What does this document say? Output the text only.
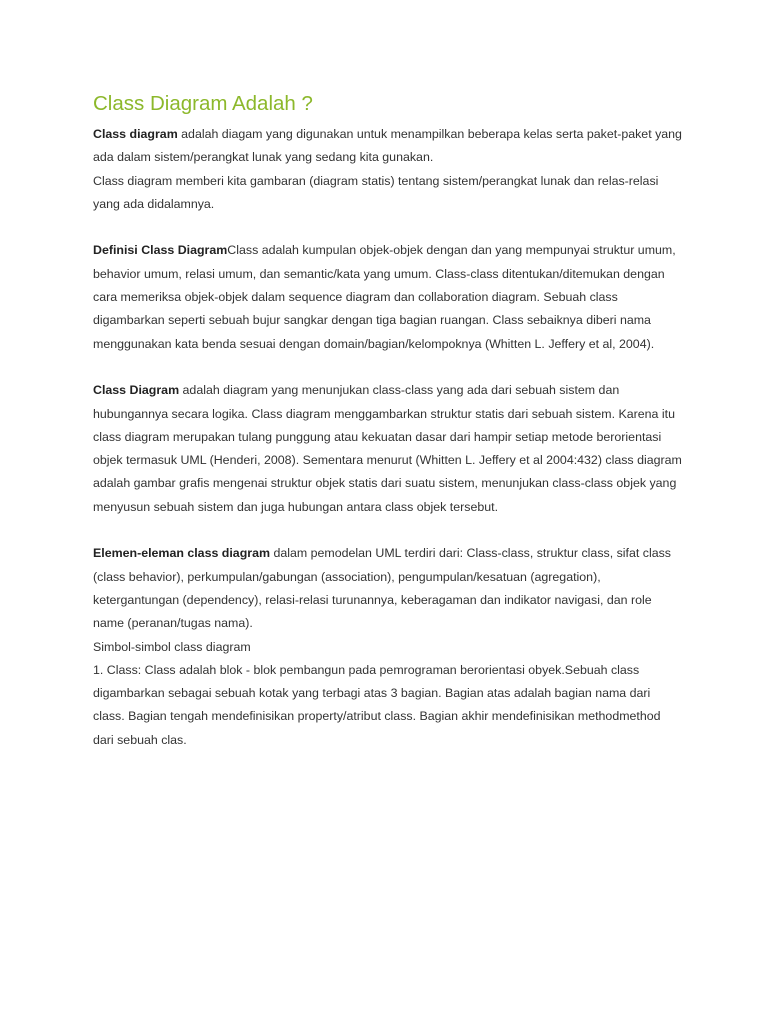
Class Diagram Adalah ?

Class diagram adalah diagam yang digunakan untuk menampilkan beberapa kelas serta paket-paket yang ada dalam sistem/perangkat lunak yang sedang kita gunakan.

Class diagram memberi kita gambaran (diagram statis) tentang sistem/perangkat lunak dan relas-relasi yang ada didalamnya.

Definisi Class DiagramClass adalah kumpulan objek-objek dengan dan yang mempunyai struktur umum, behavior umum, relasi umum, dan semantic/kata yang umum. Class-class ditentukan/ditemukan dengan cara memeriksa objek-objek dalam sequence diagram dan collaboration diagram. Sebuah class digambarkan seperti sebuah bujur sangkar dengan tiga bagian ruangan. Class sebaiknya diberi nama menggunakan kata benda sesuai dengan domain/bagian/kelompoknya (Whitten L. Jeffery et al, 2004).

Class Diagram adalah diagram yang menunjukan class-class yang ada dari sebuah sistem dan hubungannya secara logika. Class diagram menggambarkan struktur statis dari sebuah sistem. Karena itu class diagram merupakan tulang punggung atau kekuatan dasar dari hampir setiap metode berorientasi objek termasuk UML (Henderi, 2008). Sementara menurut (Whitten L. Jeffery et al 2004:432) class diagram adalah gambar grafis mengenai struktur objek statis dari suatu sistem, menunjukan class-class objek yang menyusun sebuah sistem dan juga hubungan antara class objek tersebut.

Elemen-eleman class diagram dalam pemodelan UML terdiri dari: Class-class, struktur class, sifat class (class behavior), perkumpulan/gabungan (association), pengumpulan/kesatuan (agregation), ketergantungan (dependency), relasi-relasi turunannya, keberagaman dan indikator navigasi, dan role name (peranan/tugas nama).

Simbol-simbol class diagram

1. Class: Class adalah blok - blok pembangun pada pemrograman berorientasi obyek.Sebuah class digambarkan sebagai sebuah kotak yang terbagi atas 3 bagian. Bagian atas adalah bagian nama dari class. Bagian tengah mendefinisikan property/atribut class. Bagian akhir mendefinisikan methodmethod dari sebuah clas.
